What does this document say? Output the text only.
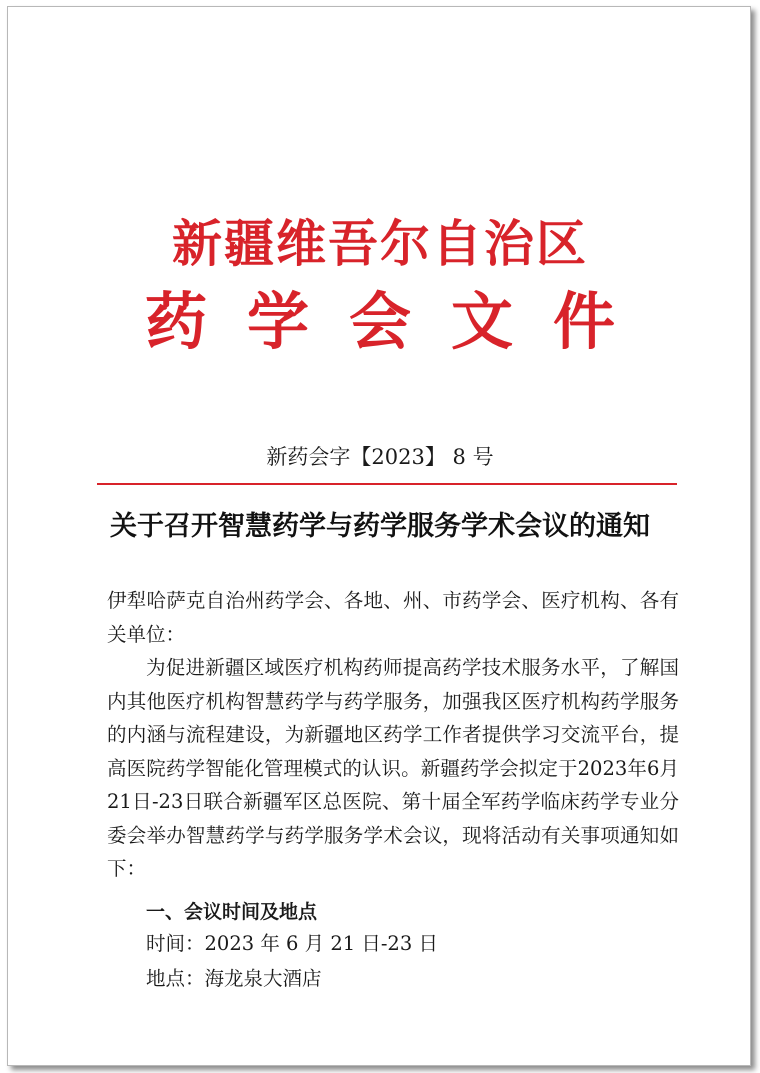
新疆维吾尔自治区
药学会文件
新药会字【2023】 8 号
关于召开智慧药学与药学服务学术会议的通知
伊犁哈萨克自治州药学会、各地、州、市药学会、医疗机构、各有关单位：
为促进新疆区域医疗机构药师提高药学技术服务水平，了解国内其他医疗机构智慧药学与药学服务，加强我区医疗机构药学服务的内涵与流程建设，为新疆地区药学工作者提供学习交流平台，提高医院药学智能化管理模式的认识。新疆药学会拟定于2023年6月21日-23日联合新疆军区总医院、第十届全军药学临床药学专业分委会举办智慧药学与药学服务学术会议，现将活动有关事项通知如下：
一、会议时间及地点
时间：2023 年 6 月 21 日-23 日
地点：海龙泉大酒店
